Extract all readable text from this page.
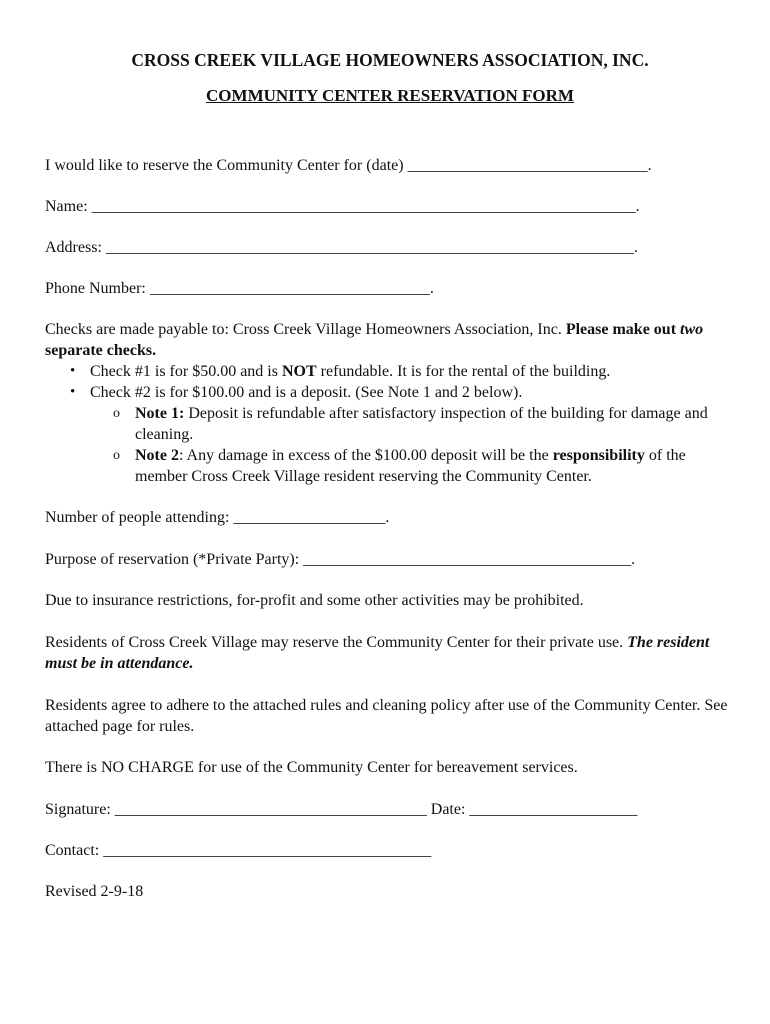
CROSS CREEK VILLAGE HOMEOWNERS ASSOCIATION, INC.

COMMUNITY CENTER RESERVATION FORM

I would like to reserve the Community Center for (date) ______________________________.

Name: ____________________________________________________________________.

Address: __________________________________________________________________.

Phone Number: ___________________________________.

Checks are made payable to: Cross Creek Village Homeowners Association, Inc. Please make out two separate checks.

• Check #1 is for $50.00 and is NOT refundable. It is for the rental of the building.
• Check #2 is for $100.00 and is a deposit. (See Note 1 and 2 below).
o Note 1: Deposit is refundable after satisfactory inspection of the building for damage and cleaning.
o Note 2: Any damage in excess of the $100.00 deposit will be the responsibility of the member Cross Creek Village resident reserving the Community Center.

Number of people attending: ___________________.

Purpose of reservation (*Private Party): _________________________________________.

Due to insurance restrictions, for-profit and some other activities may be prohibited.

Residents of Cross Creek Village may reserve the Community Center for their private use. The resident must be in attendance.

Residents agree to adhere to the attached rules and cleaning policy after use of the Community Center. See attached page for rules.

There is NO CHARGE for use of the Community Center for bereavement services.

Signature: _______________________________________ Date: _____________________

Contact: _________________________________________

Revised 2-9-18
